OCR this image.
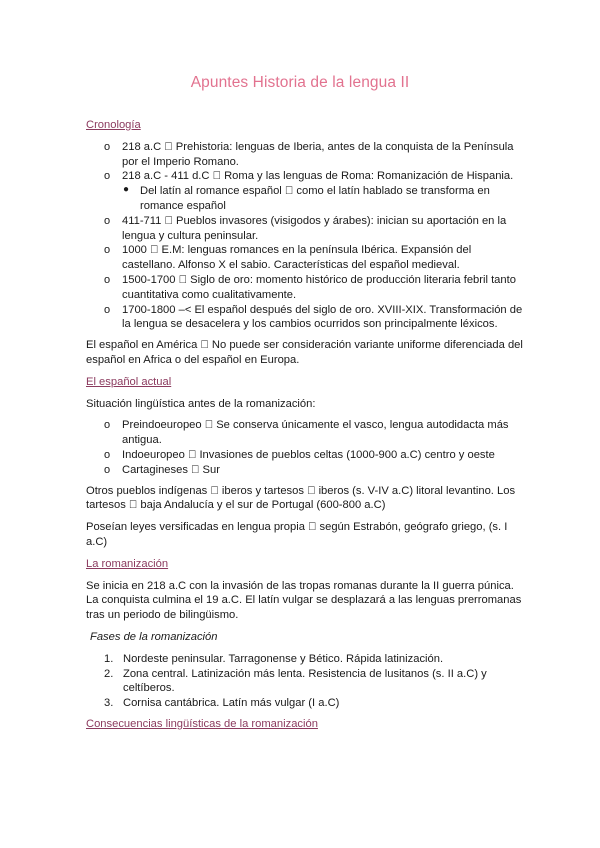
Apuntes Historia de la lengua II
Cronología
o 218 a.C   Prehistoria: lenguas de Iberia, antes de la conquista de la Península por el Imperio Romano.
o 218 a.C - 411 d.C   Roma y las lenguas de Roma: Romanización de Hispania.
● Del latín al romance español   como el latín hablado se transforma en romance español
o 411-711   Pueblos invasores (visigodos y árabes): inician su aportación en la lengua y cultura peninsular.
o 1000   E.M: lenguas romances en la península Ibérica. Expansión del castellano. Alfonso X el sabio. Características del español medieval.
o 1500-1700   Siglo de oro: momento histórico de producción literaria febril tanto cuantitativa como cualitativamente.
o 1700-1800 –< El español después del siglo de oro. XVIII-XIX. Transformación de la lengua se desacelera y los cambios ocurridos son principalmente léxicos.

El español en América   No puede ser consideración variante uniforme diferenciada del español en Africa o del español en Europa.

El español actual

Situación lingüística antes de la romanización:

o Preindoeuropeo   Se conserva únicamente el vasco, lengua autodidacta más antigua.
o Indoeuropeo   Invasiones de pueblos celtas (1000-900 a.C) centro y oeste
o Cartagineses   Sur

Otros pueblos indígenas   iberos y tartesos   iberos (s. V-IV a.C) litoral levantino. Los tartesos   baja Andalucía y el sur de Portugal (600-800 a.C)

Poseían leyes versificadas en lengua propia   según Estrabón, geógrafo griego, (s. I a.C)

La romanización

Se inicia en 218 a.C con la invasión de las tropas romanas durante la II guerra púnica. La conquista culmina el 19 a.C. El latín vulgar se desplazará a las lenguas prerromanas tras un periodo de bilingüismo.

Fases de la romanización

1. Nordeste peninsular. Tarragonense y Bético. Rápida latinización.
2. Zona central. Latinización más lenta. Resistencia de lusitanos (s. II a.C) y celtíberos.
3. Cornisa cantábrica. Latín más vulgar (I a.C)
Consecuencias lingüísticas de la romanización
